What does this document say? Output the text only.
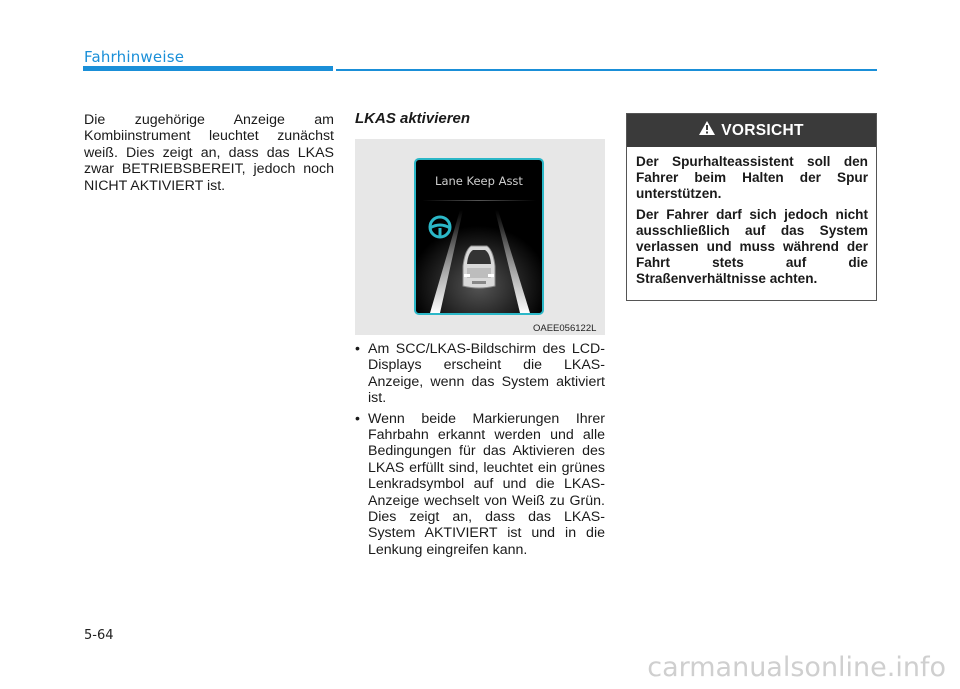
Fahrhinweise
Die zugehörige Anzeige am Kombiinstrument leuchtet zunächst weiß. Dies zeigt an, dass das LKAS zwar BETRIEBSBEREIT, jedoch noch NICHT AKTIVIERT ist.
LKAS aktivieren
Lane Keep Asst
OAEE056122L
• Am SCC/LKAS-Bildschirm des LCD-Displays erscheint die LKAS-Anzeige, wenn das System aktiviert ist.
• Wenn beide Markierungen Ihrer Fahrbahn erkannt werden und alle Bedingungen für das Aktivieren des LKAS erfüllt sind, leuchtet ein grünes Lenkradsymbol auf und die LKAS-Anzeige wechselt von Weiß zu Grün. Dies zeigt an, dass das LKAS-System AKTIVIERT ist und in die Lenkung eingreifen kann.
VORSICHT

Der Spurhalteassistent soll den Fahrer beim Halten der Spur unterstützen.

Der Fahrer darf sich jedoch nicht ausschließlich auf das System verlassen und muss während der Fahrt stets auf die Straßenverhältnisse achten.

5-64
carmanualsonline.info
